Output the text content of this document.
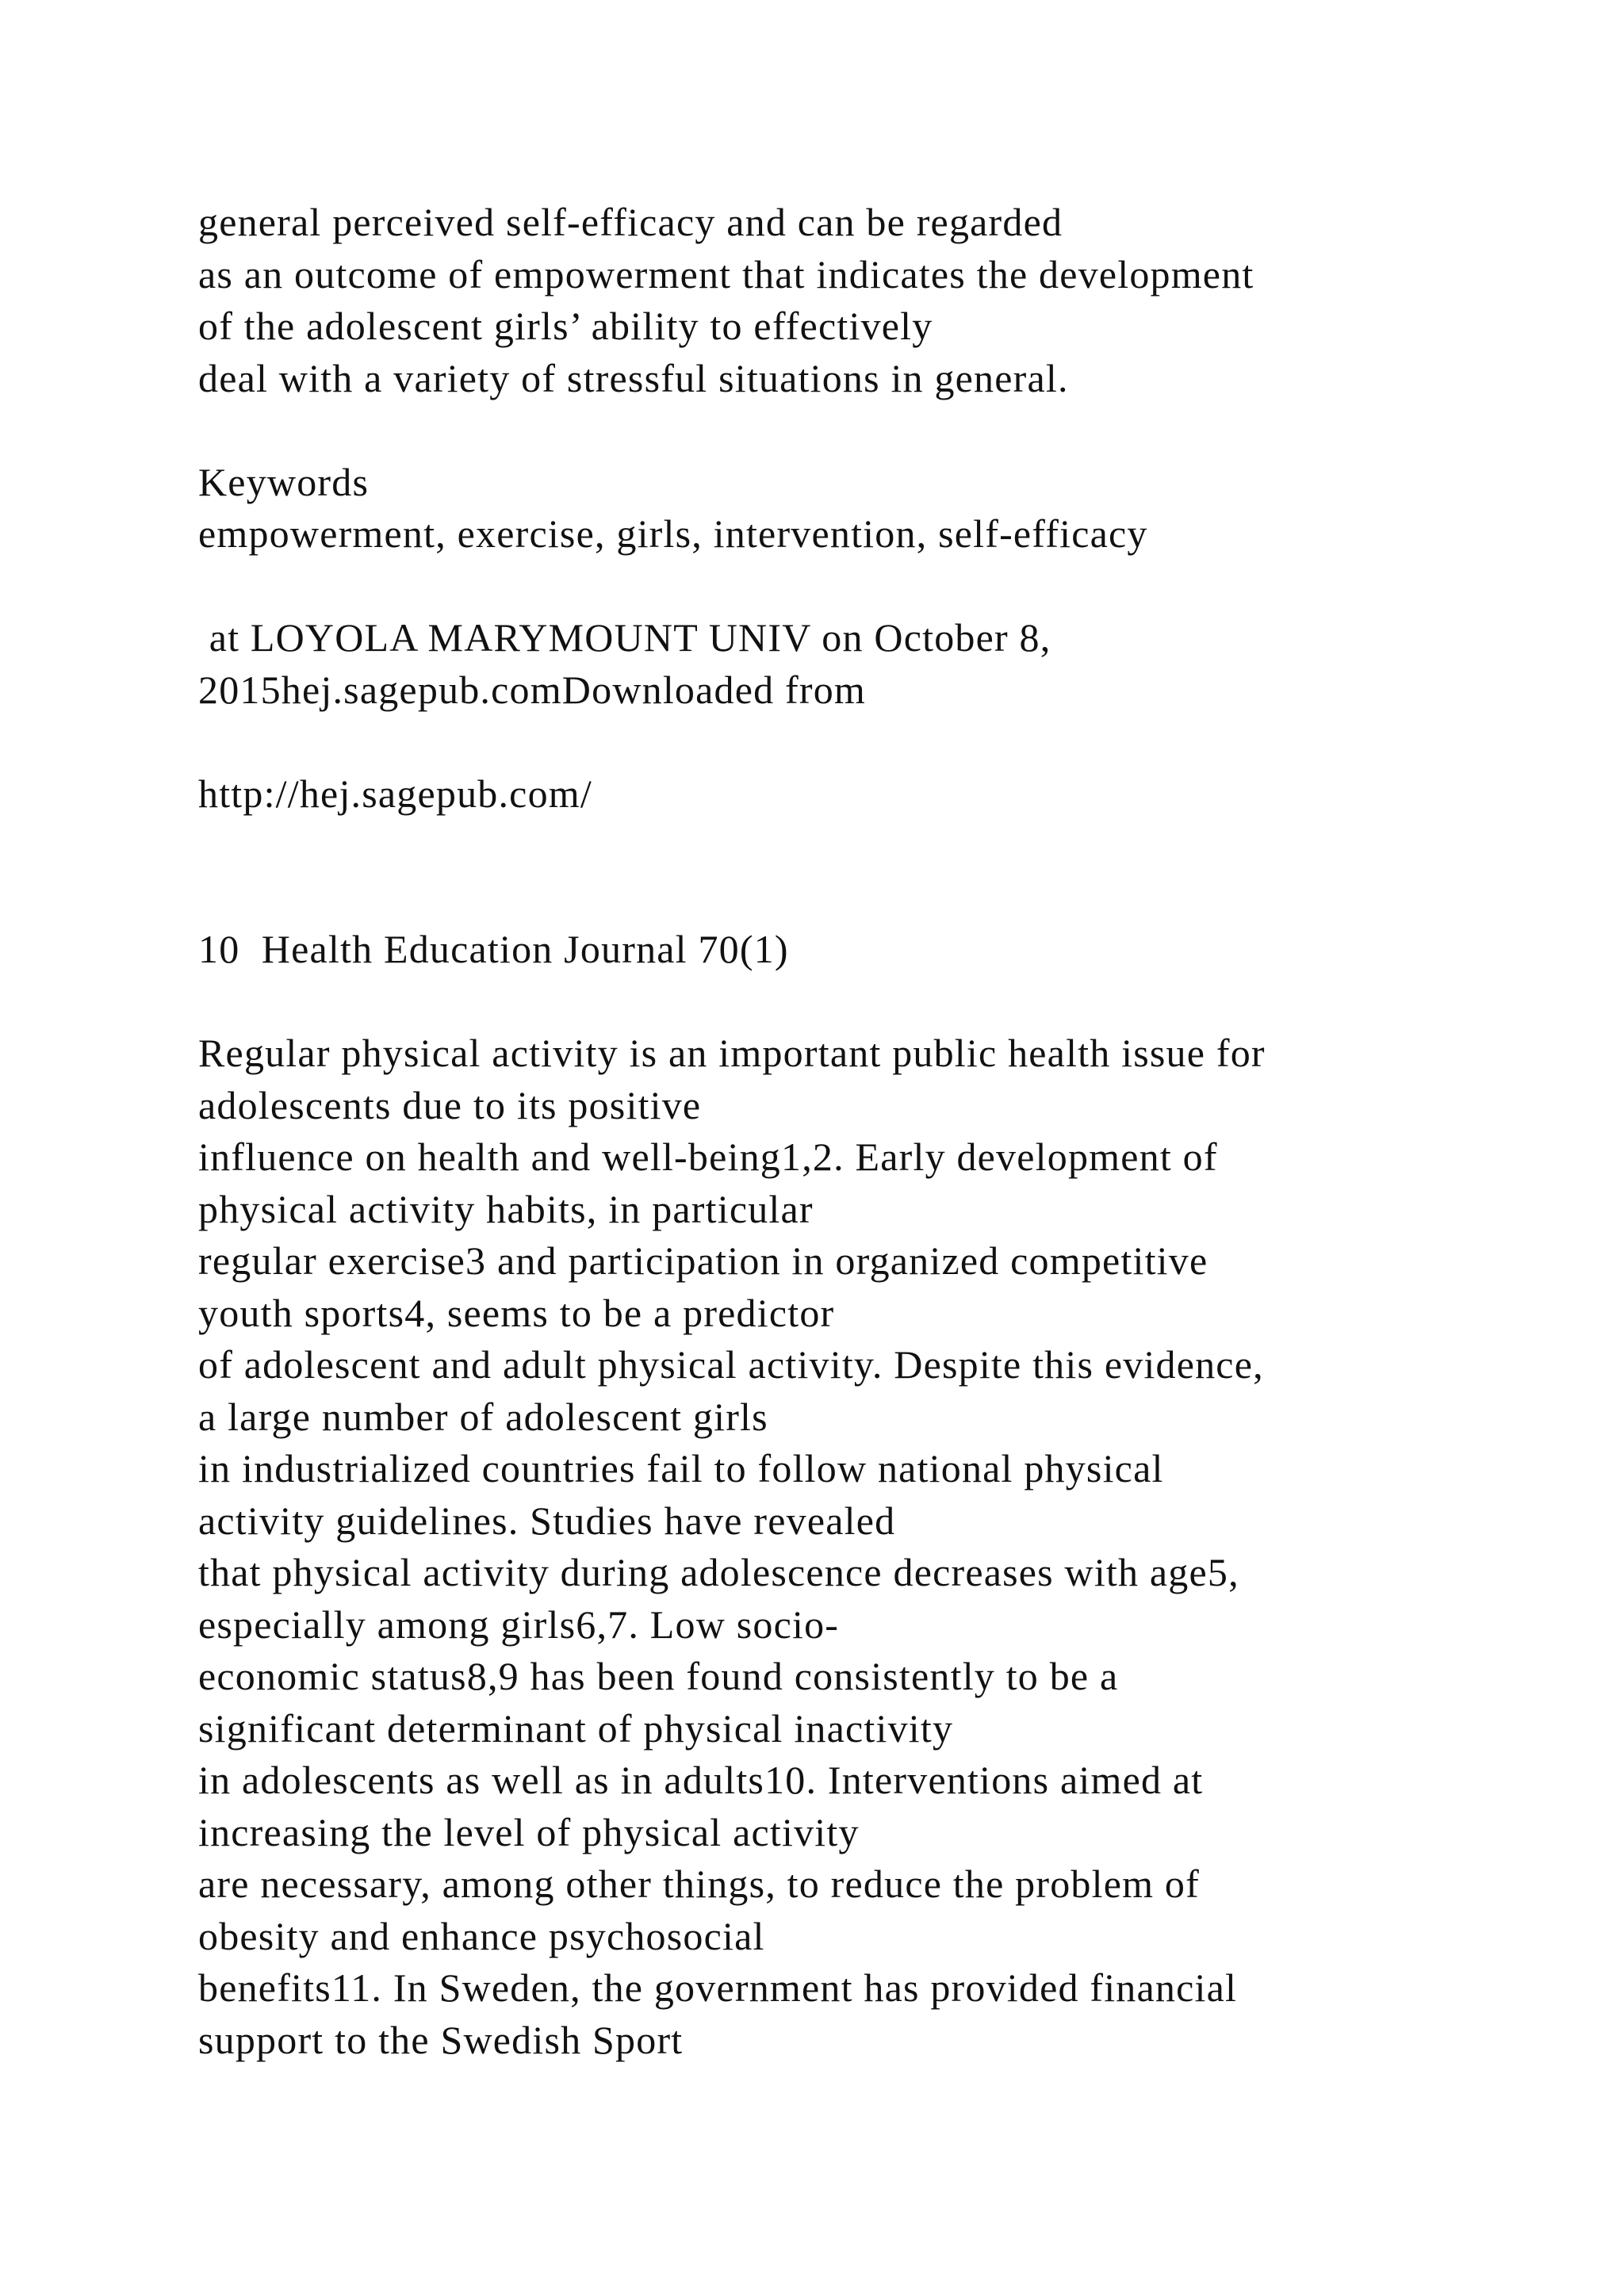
general perceived self-efficacy and can be regarded
as an outcome of empowerment that indicates the development
of the adolescent girls’ ability to effectively
deal with a variety of stressful situations in general.
Keywords
empowerment, exercise, girls, intervention, self-efficacy
at LOYOLA MARYMOUNT UNIV on October 8,
2015hej.sagepub.comDownloaded from
http://hej.sagepub.com/
10  Health Education Journal 70(1)
Regular physical activity is an important public health issue for
adolescents due to its positive
influence on health and well-being1,2. Early development of
physical activity habits, in particular
regular exercise3 and participation in organized competitive
youth sports4, seems to be a predictor
of adolescent and adult physical activity. Despite this evidence,
a large number of adolescent girls
in industrialized countries fail to follow national physical
activity guidelines. Studies have revealed
that physical activity during adolescence decreases with age5,
especially among girls6,7. Low socio-
economic status8,9 has been found consistently to be a
significant determinant of physical inactivity
in adolescents as well as in adults10. Interventions aimed at
increasing the level of physical activity
are necessary, among other things, to reduce the problem of
obesity and enhance psychosocial
benefits11. In Sweden, the government has provided financial
support to the Swedish Sport
